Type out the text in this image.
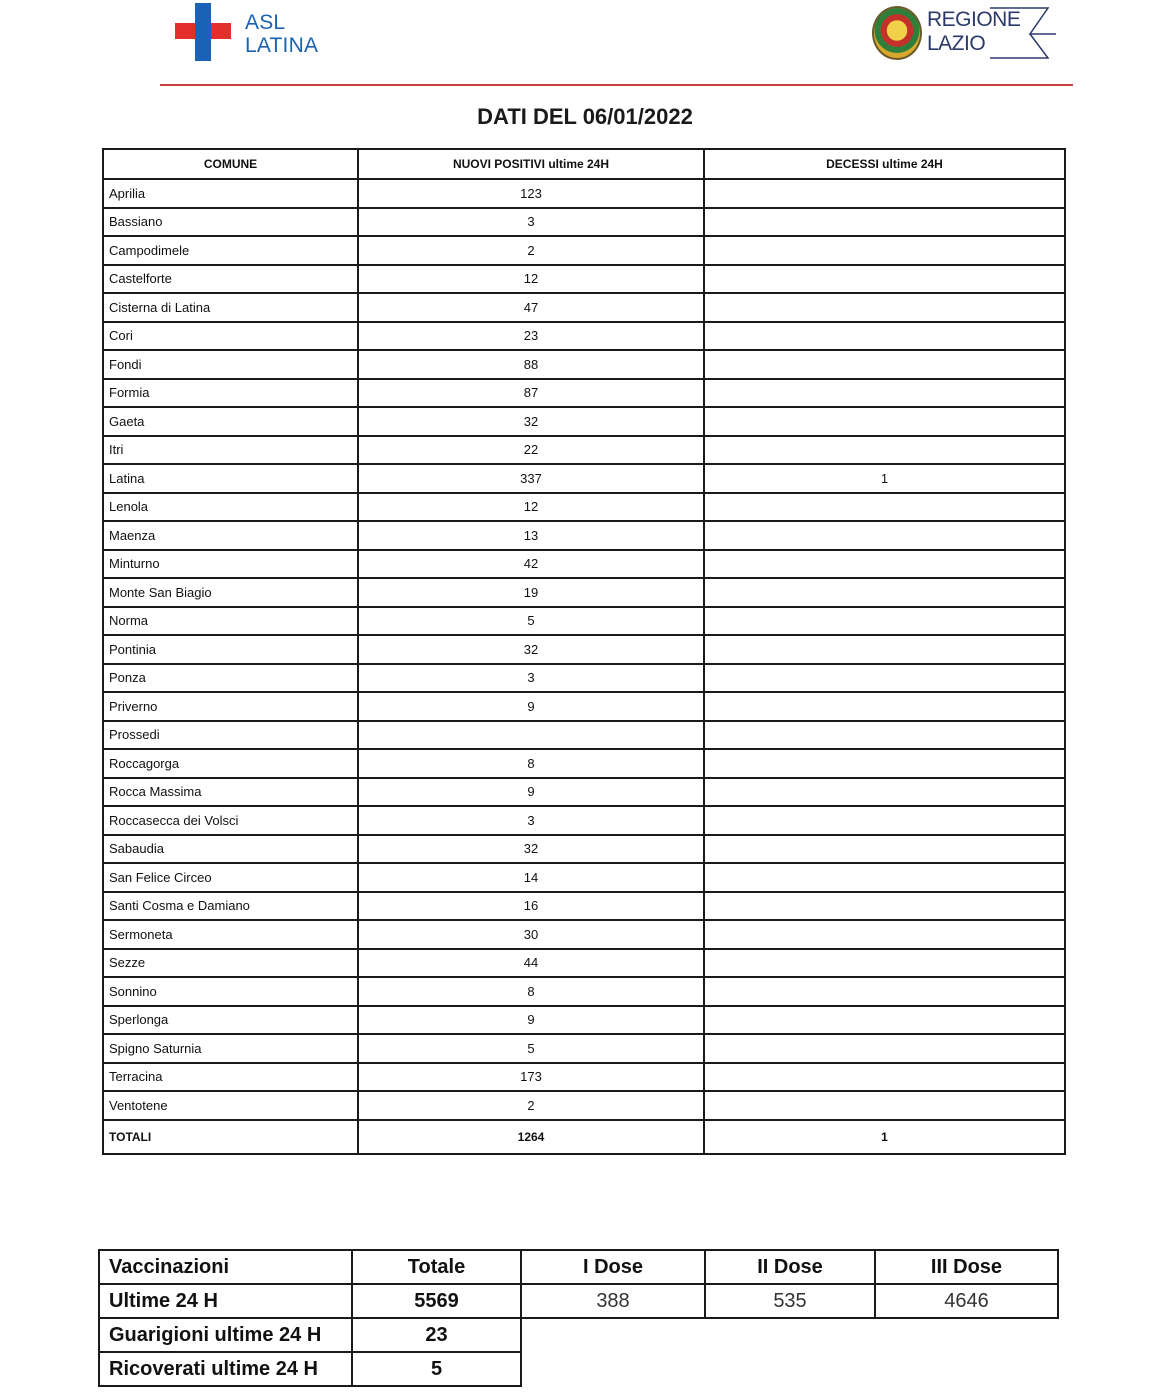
ASL
LATINA
REGIONE
LAZIO
DATI DEL 06/01/2022
COMUNE	NUOVI POSITIVI ultime 24H	DECESSI ultime 24H
Aprilia	123	
Bassiano	3	
Campodimele	2	
Castelforte	12	
Cisterna di Latina	47	
Cori	23	
Fondi	88	
Formia	87	
Gaeta	32	
Itri	22	
Latina	337	1
Lenola	12	
Maenza	13	
Minturno	42	
Monte San Biagio	19	
Norma	5	
Pontinia	32	
Ponza	3	
Priverno	9	
Prossedi		
Roccagorga	8	
Rocca Massima	9	
Roccasecca dei Volsci	3	
Sabaudia	32	
San Felice Circeo	14	
Santi Cosma e Damiano	16	
Sermoneta	30	
Sezze	44	
Sonnino	8	
Sperlonga	9	
Spigno Saturnia	5	
Terracina	173	
Ventotene	2	
TOTALI	1264	1
Vaccinazioni	Totale	I Dose	II Dose	III Dose
Ultime 24 H	5569	388	535	4646
Guarigioni ultime 24 H	23			
Ricoverati ultime 24 H	5			
